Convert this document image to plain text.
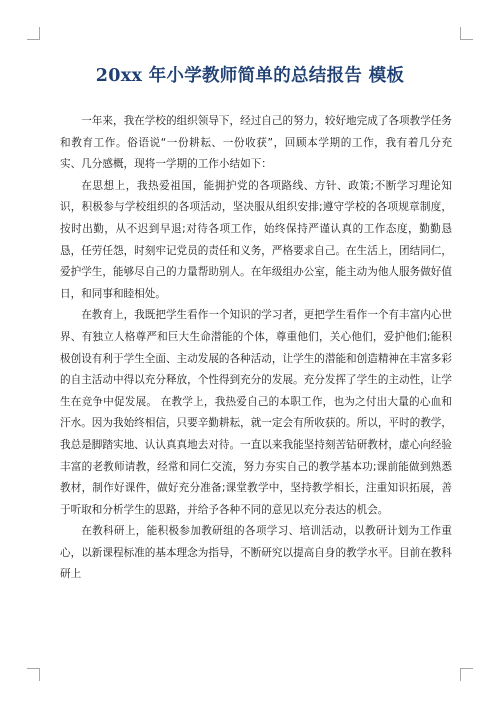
20xx 年小学教师简单的总结报告 模板

一年来，我在学校的组织领导下，经过自己的努力，较好地完成了各项教学任务和教育工作。俗语说“一份耕耘、一份收获”，回顾本学期的工作，我有着几分充实、几分感概，现将一学期的工作小结如下：

在思想上，我热爱祖国，能拥护党的各项路线、方针、政策;不断学习理论知识，积极参与学校组织的各项活动，坚决服从组织安排;遵守学校的各项规章制度，按时出勤，从不迟到早退;对待各项工作，始终保持严谨认真的工作态度，勤勤恳恳，任劳任怨，时刻牢记党员的责任和义务，严格要求自己。在生活上，团结同仁，爱护学生，能够尽自己的力量帮助别人。在年级组办公室，能主动为他人服务做好值日，和同事和睦相处。

在教育上，我既把学生看作一个知识的学习者，更把学生看作一个有丰富内心世界、有独立人格尊严和巨大生命潜能的个体，尊重他们，关心他们，爱护他们;能积极创设有利于学生全面、主动发展的各种活动，让学生的潜能和创造精神在丰富多彩的自主活动中得以充分释放，个性得到充分的发展。充分发挥了学生的主动性，让学生在竞争中促发展。 在教学上，我热爱自己的本职工作，也为之付出大量的心血和汗水。因为我始终相信，只要辛勤耕耘，就一定会有所收获的。所以，平时的教学，我总是脚踏实地、认认真真地去对待。一直以来我能坚持刻苦钻研教材，虚心向经验丰富的老教师请教，经常和同仁交流，努力夯实自己的教学基本功;课前能做到熟悉教材，制作好课件，做好充分准备;课堂教学中，坚持教学相长，注重知识拓展，善于听取和分析学生的思路，并给予各种不同的意见以充分表达的机会。

在教科研上，能积极参加教研组的各项学习、培训活动，以教研计划为工作重心，以新课程标准的基本理念为指导，不断研究以提高自身的教学水平。目前在教科研上
